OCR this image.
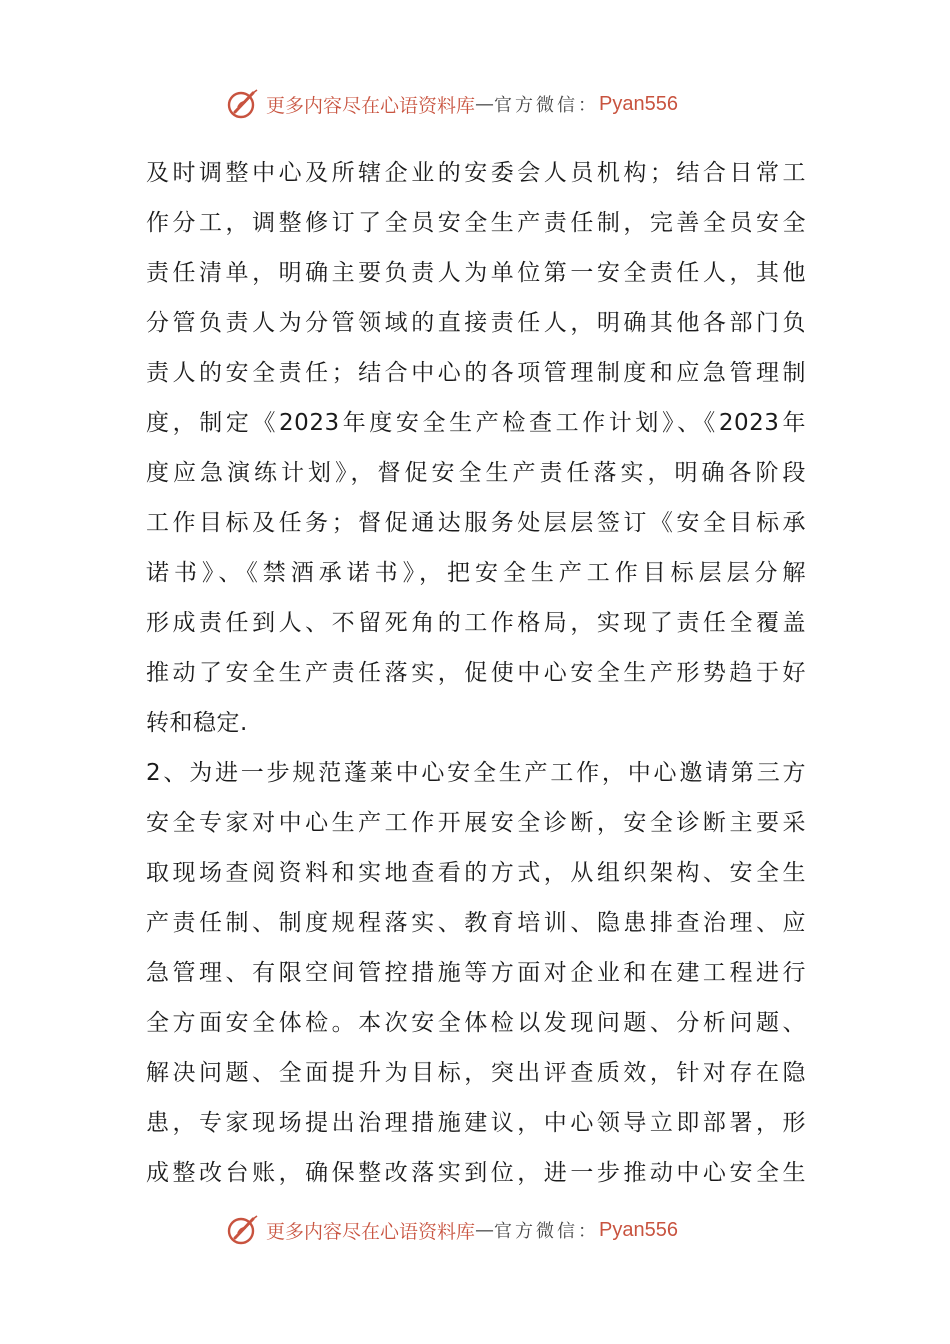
更多内容尽在心语资料库 — 官方微信： Pyan556
及时调整中心及所辖企业的安委会人员机构；结合日常工
作分工，调整修订了全员安全生产责任制，完善全员安全
责任清单，明确主要负责人为单位第一安全责任人，其他
分管负责人为分管领域的直接责任人，明确其他各部门负
责人的安全责任；结合中心的各项管理制度和应急管理制
度，制定《2023年度安全生产检查工作计划》、《2023年
度应急演练计划》，督促安全生产责任落实，明确各阶段
工作目标及任务；督促通达服务处层层签订《安全目标承
诺书》、《禁酒承诺书》，把安全生产工作目标层层分解
形成责任到人、不留死角的工作格局，实现了责任全覆盖
推动了安全生产责任落实，促使中心安全生产形势趋于好
转和稳定.
2、为进一步规范蓬莱中心安全生产工作，中心邀请第三方
安全专家对中心生产工作开展安全诊断，安全诊断主要采
取现场查阅资料和实地查看的方式，从组织架构、安全生
产责任制、制度规程落实、教育培训、隐患排查治理、应
急管理、有限空间管控措施等方面对企业和在建工程进行
全方面安全体检。本次安全体检以发现问题、分析问题、
解决问题、全面提升为目标，突出评查质效，针对存在隐
患，专家现场提出治理措施建议，中心领导立即部署，形
成整改台账，确保整改落实到位，进一步推动中心安全生
更多内容尽在心语资料库 — 官方微信： Pyan556
